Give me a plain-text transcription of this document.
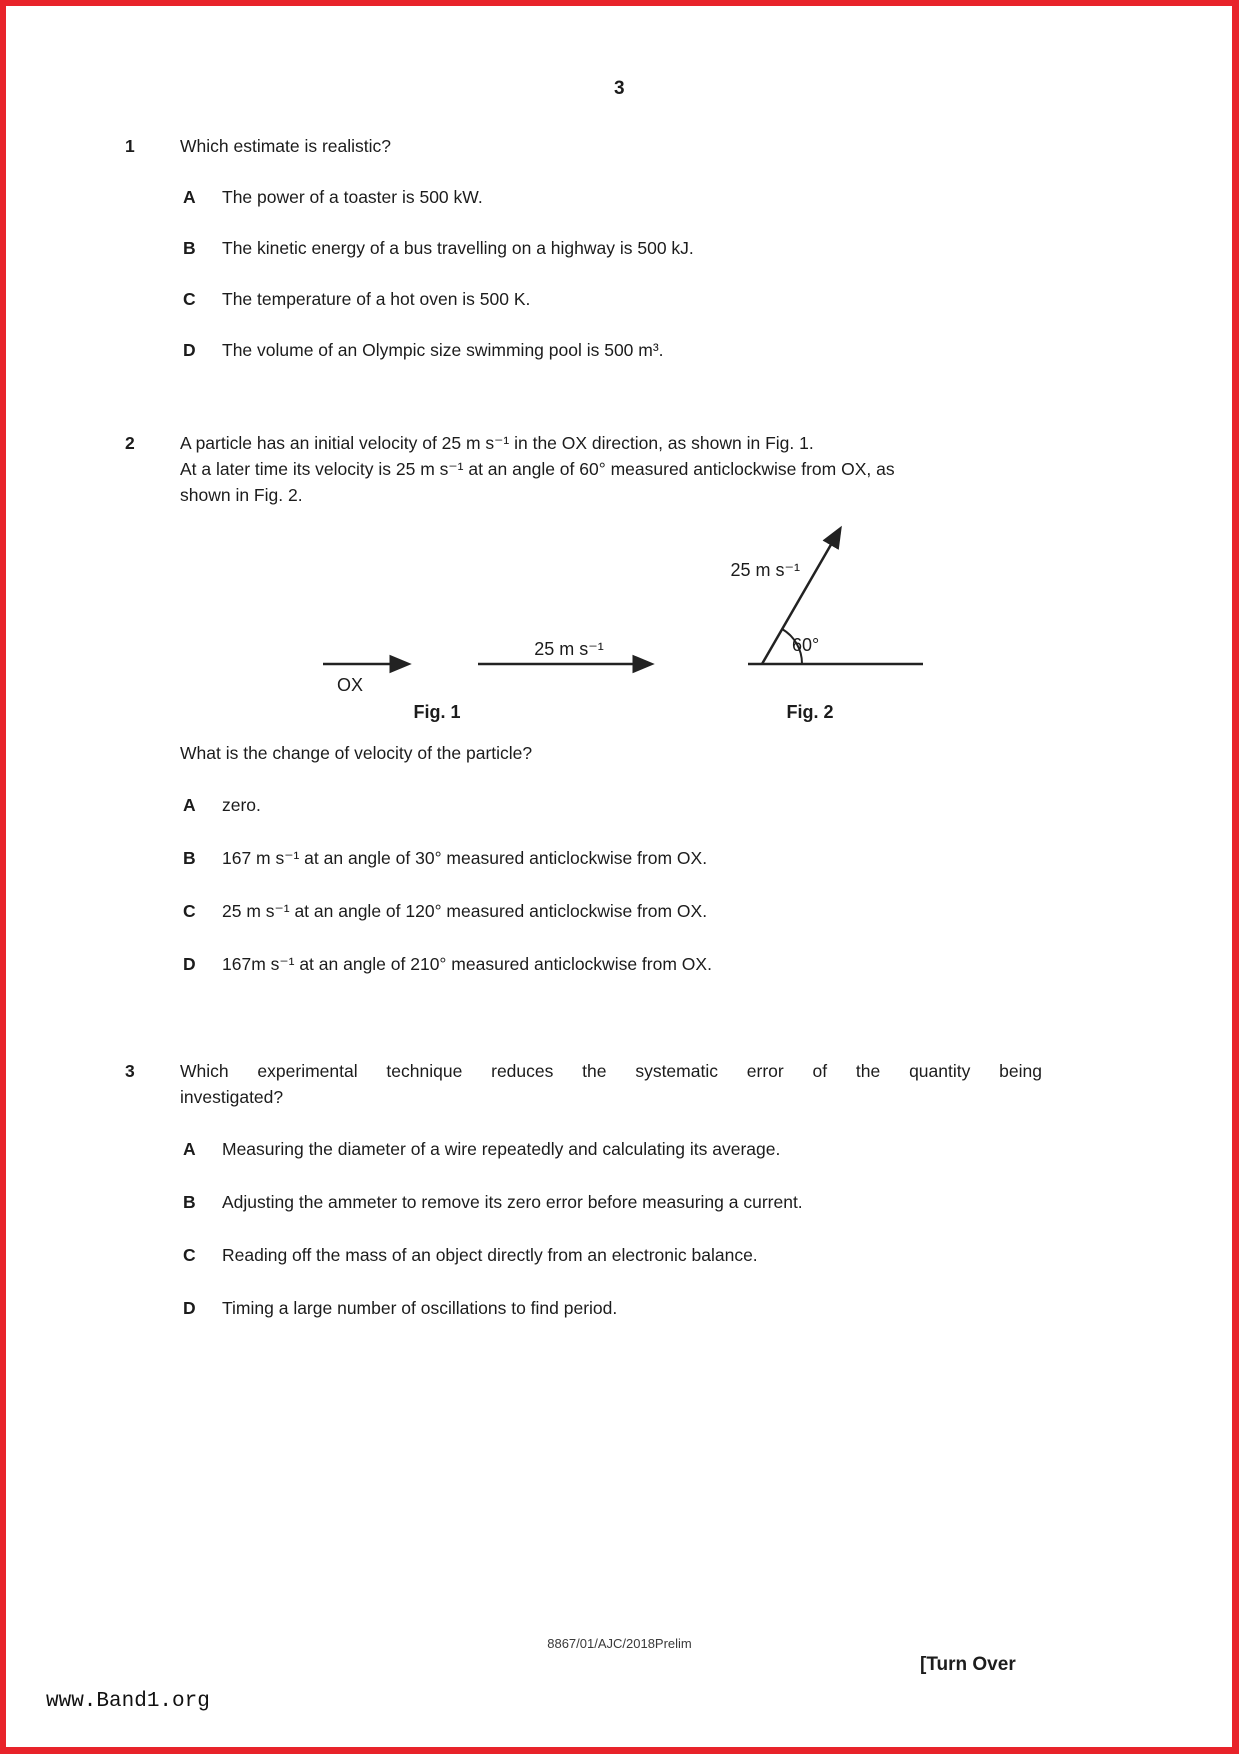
3
1	Which estimate is realistic?
A	The power of a toaster is 500 kW.
B	The kinetic energy of a bus travelling on a highway is 500 kJ.
C	The temperature of a hot oven is 500 K.
D	The volume of an Olympic size swimming pool is 500 m³.
2	A particle has an initial velocity of 25 m s⁻¹ in the OX direction, as shown in Fig. 1.
At a later time its velocity is 25 m s⁻¹ at an angle of 60° measured anticlockwise from OX, as
shown in Fig. 2.
OX
25 m s⁻¹
Fig. 1
60°
25 m s⁻¹
Fig. 2
What is the change of velocity of the particle?
A	zero.
B	167 m s⁻¹ at an angle of 30° measured anticlockwise from OX.
C	25 m s⁻¹ at an angle of 120° measured anticlockwise from OX.
D	167m s⁻¹ at an angle of 210° measured anticlockwise from OX.
3	Which experimental technique reduces the systematic error of the quantity being
investigated?
A	Measuring the diameter of a wire repeatedly and calculating its average.
B	Adjusting the ammeter to remove its zero error before measuring a current.
C	Reading off the mass of an object directly from an electronic balance.
D	Timing a large number of oscillations to find period.
8867/01/AJC/2018Prelim
[Turn Over
www.Band1.org
